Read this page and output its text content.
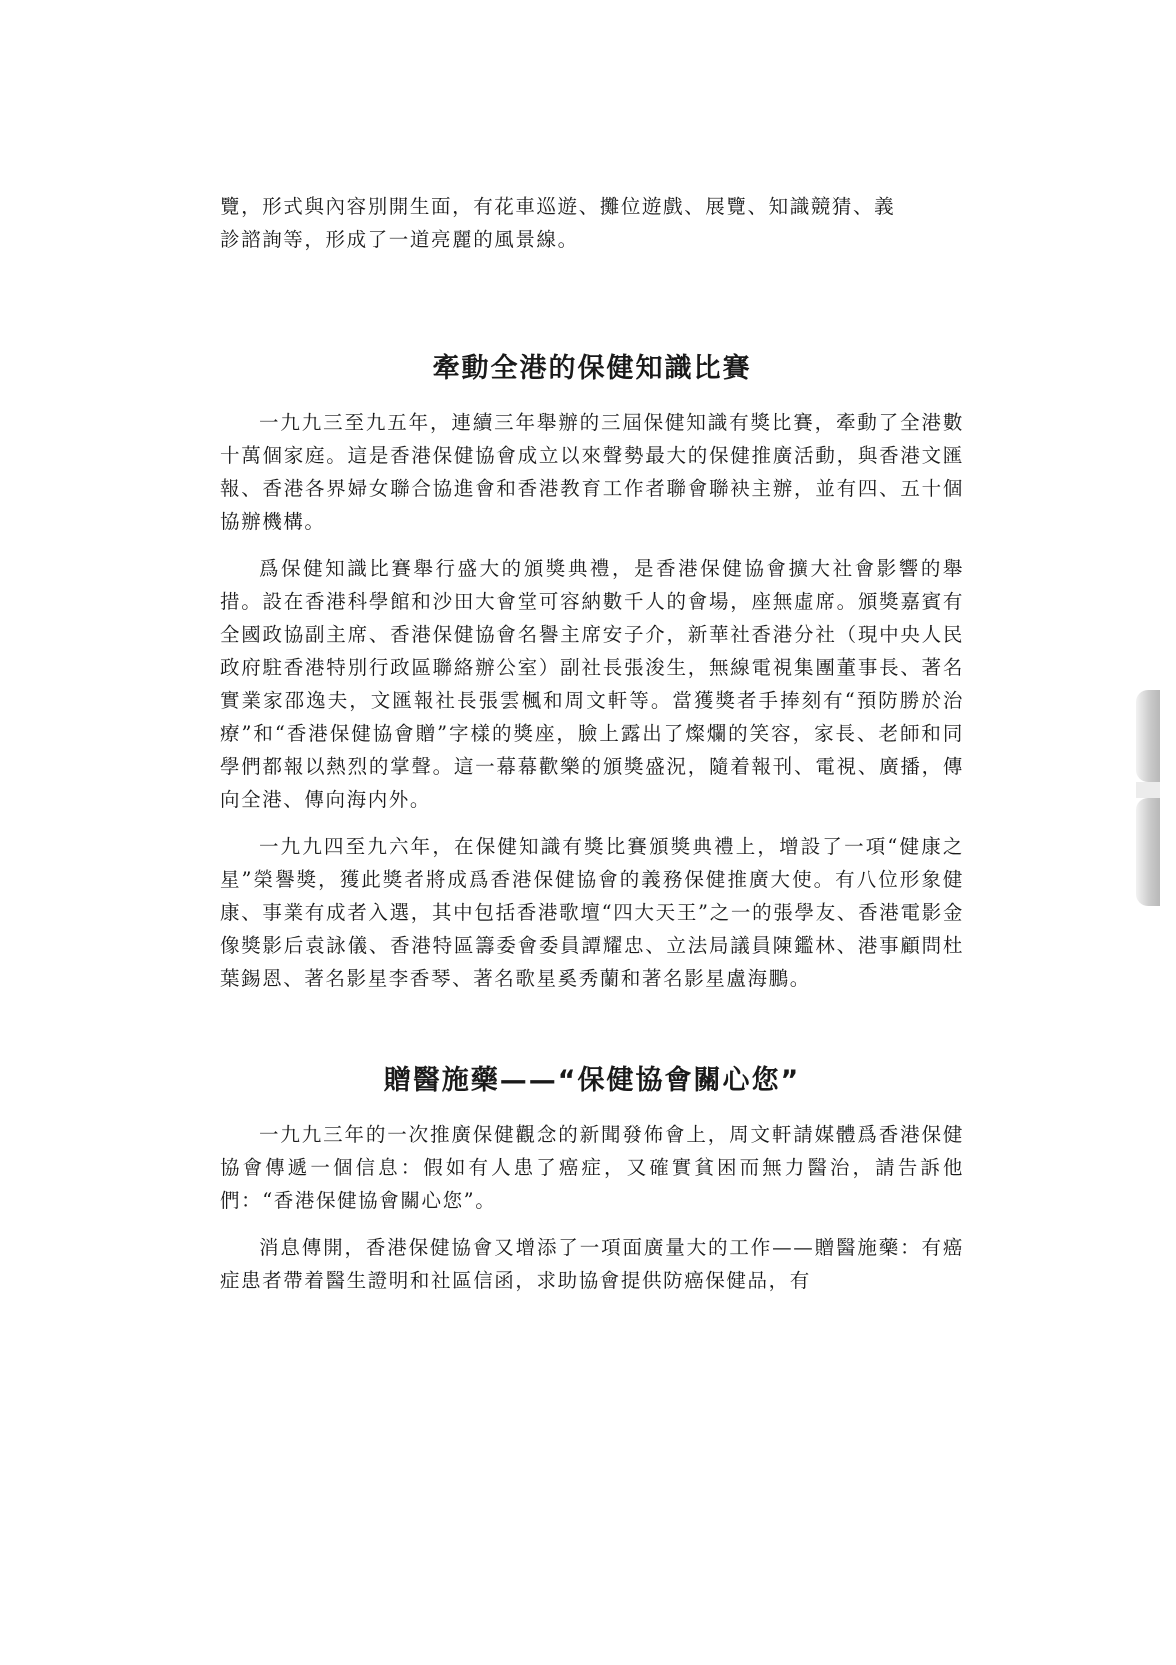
覽，形式與內容別開生面，有花車巡遊、攤位遊戲、展覽、知識競猜、義

診諮詢等，形成了一道亮麗的風景線。

牽動全港的保健知識比賽

一九九三至九五年，連續三年舉辦的三屆保健知識有獎比賽，牽動了全港數十萬個家庭。這是香港保健協會成立以來聲勢最大的保健推廣活動，與香港文匯報、香港各界婦女聯合協進會和香港教育工作者聯會聯袂主辦，並有四、五十個協辦機構。

爲保健知識比賽舉行盛大的頒獎典禮，是香港保健協會擴大社會影響的舉措。設在香港科學館和沙田大會堂可容納數千人的會場，座無虛席。頒獎嘉賓有全國政協副主席、香港保健協會名譽主席安子介，新華社香港分社（現中央人民政府駐香港特別行政區聯絡辦公室）副社長張浚生，無線電視集團董事長、著名實業家邵逸夫，文匯報社長張雲楓和周文軒等。當獲獎者手捧刻有“預防勝於治療”和“香港保健協會贈”字樣的獎座，臉上露出了燦爛的笑容，家長、老師和同學們都報以熱烈的掌聲。這一幕幕歡樂的頒獎盛況，隨着報刊、電視、廣播，傳向全港、傳向海内外。

一九九四至九六年，在保健知識有獎比賽頒獎典禮上，增設了一項“健康之星”榮譽獎，獲此獎者將成爲香港保健協會的義務保健推廣大使。有八位形象健康、事業有成者入選，其中包括香港歌壇“四大天王”之一的張學友、香港電影金像獎影后袁詠儀、香港特區籌委會委員譚耀忠、立法局議員陳鑑林、港事顧問杜葉錫恩、著名影星李香琴、著名歌星奚秀蘭和著名影星盧海鵬。

贈醫施藥——“保健協會關心您”

一九九三年的一次推廣保健觀念的新聞發佈會上，周文軒請媒體爲香港保健協會傳遞一個信息：假如有人患了癌症，又確實貧困而無力醫治，請告訴他們：“香港保健協會關心您”。

消息傳開，香港保健協會又增添了一項面廣量大的工作——贈醫施藥：有癌症患者帶着醫生證明和社區信函，求助協會提供防癌保健品，有
